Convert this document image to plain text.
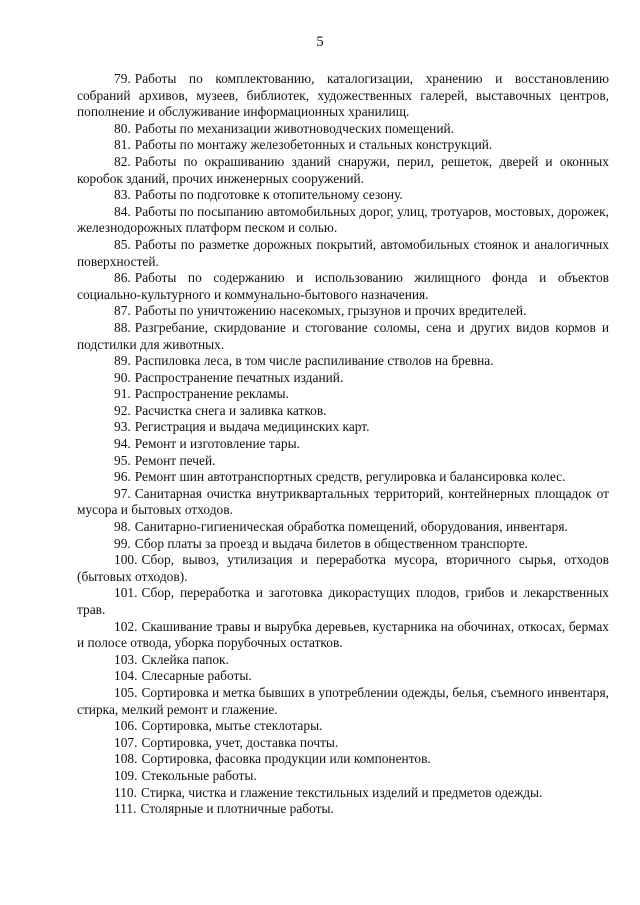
5

79. Работы по комплектованию, каталогизации, хранению и восстановлению собраний архивов, музеев, библиотек, художественных галерей, выставочных центров, пополнение и обслуживание информационных хранилищ.

80. Работы по механизации животноводческих помещений.

81. Работы по монтажу железобетонных и стальных конструкций.

82. Работы по окрашиванию зданий снаружи, перил, решеток, дверей и оконных коробок зданий, прочих инженерных сооружений.

83. Работы по подготовке к отопительному сезону.

84. Работы по посыпанию автомобильных дорог, улиц, тротуаров, мостовых, дорожек, железнодорожных платформ песком и солью.

85. Работы по разметке дорожных покрытий, автомобильных стоянок и аналогичных поверхностей.

86. Работы по содержанию и использованию жилищного фонда и объектов социально-культурного и коммунально-бытового назначения.

87. Работы по уничтожению насекомых, грызунов и прочих вредителей.

88. Разгребание, скирдование и стогование соломы, сена и других видов кормов и подстилки для животных.

89. Распиловка леса, в том числе распиливание стволов на бревна.

90. Распространение печатных изданий.

91. Распространение рекламы.

92. Расчистка снега и заливка катков.

93. Регистрация и выдача медицинских карт.

94. Ремонт и изготовление тары.

95. Ремонт печей.

96. Ремонт шин автотранспортных средств, регулировка и балансировка колес.

97. Санитарная очистка внутриквартальных территорий, контейнерных площадок от мусора и бытовых отходов.

98. Санитарно-гигиеническая обработка помещений, оборудования, инвентаря.

99. Сбор платы за проезд и выдача билетов в общественном транспорте.

100. Сбор, вывоз, утилизация и переработка мусора, вторичного сырья, отходов (бытовых отходов).

101. Сбор, переработка и заготовка дикорастущих плодов, грибов и лекарственных трав.

102. Скашивание травы и вырубка деревьев, кустарника на обочинах, откосах, бермах и полосе отвода, уборка порубочных остатков.

103. Склейка папок.

104. Слесарные работы.

105. Сортировка и метка бывших в употреблении одежды, белья, съемного инвентаря, стирка, мелкий ремонт и глажение.

106. Сортировка, мытье стеклотары.

107. Сортировка, учет, доставка почты.

108. Сортировка, фасовка продукции или компонентов.

109. Стекольные работы.

110. Стирка, чистка и глажение текстильных изделий и предметов одежды.

111. Столярные и плотничные работы.
